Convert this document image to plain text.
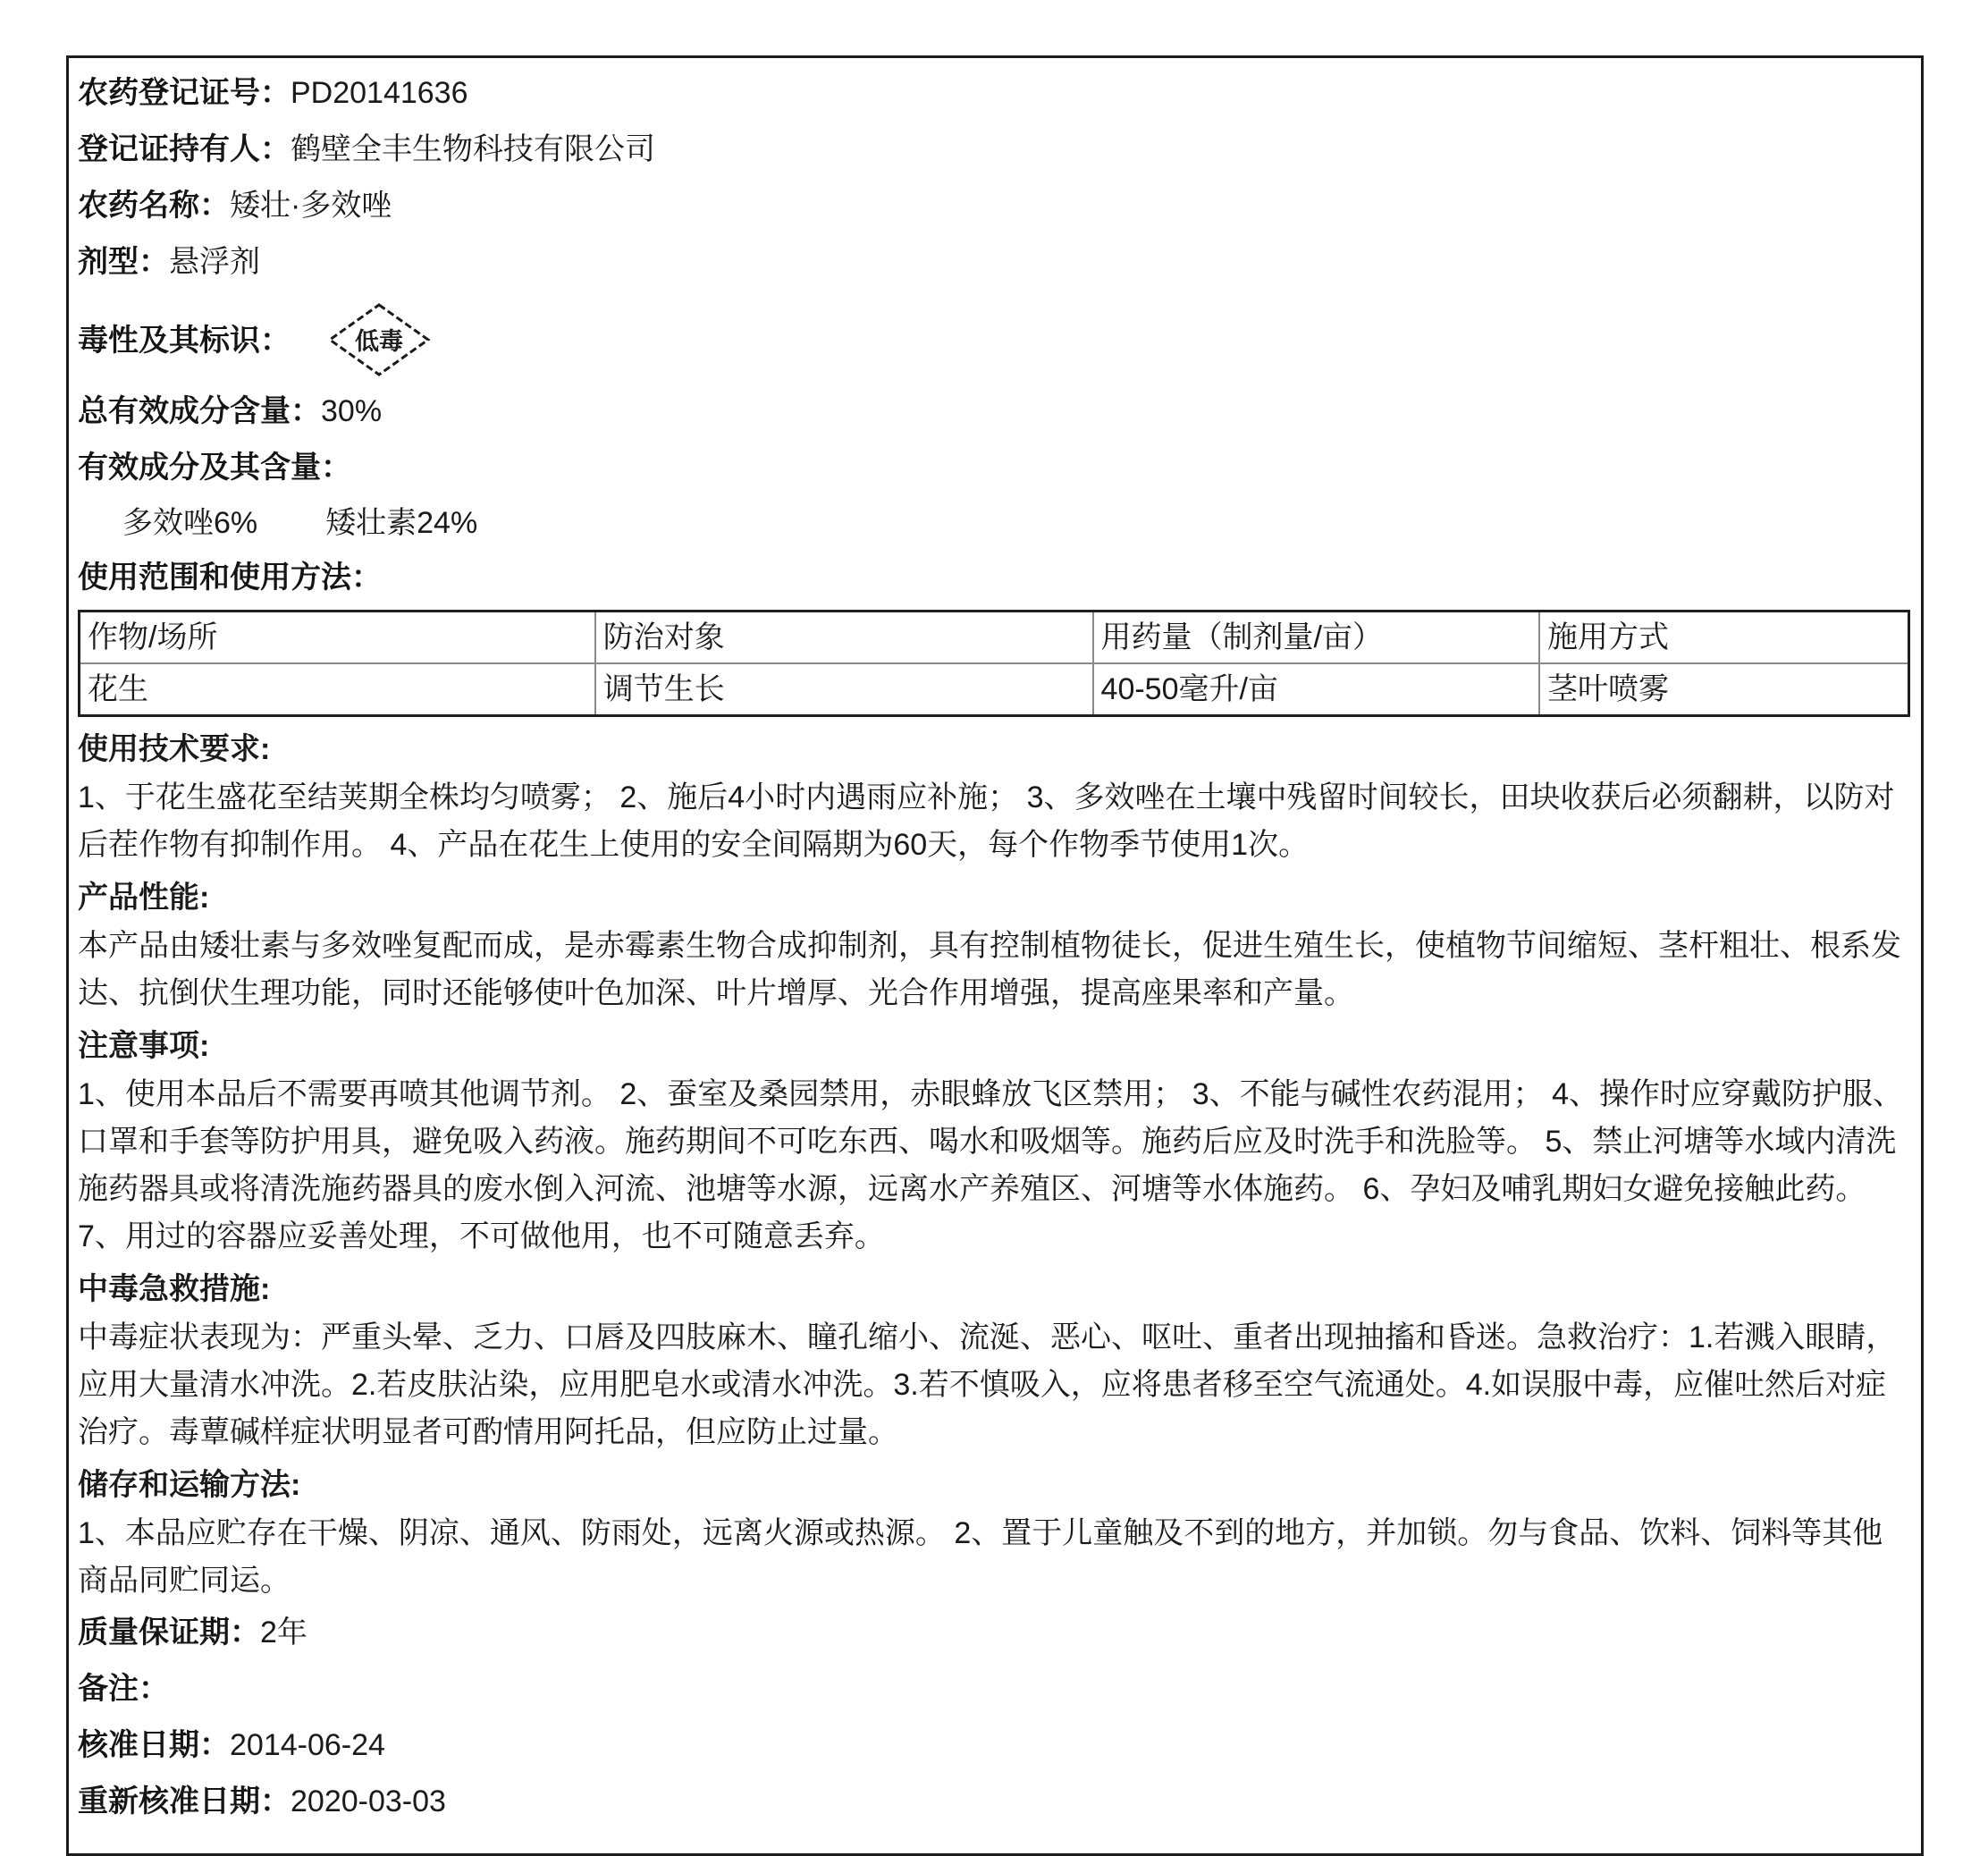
农药登记证号：PD20141636

登记证持有人：鹤壁全丰生物科技有限公司

农药名称：矮壮·多效唑

剂型：悬浮剂

毒性及其标识：	低毒

总有效成分含量：30%

有效成分及其含量：

多效唑6% 矮壮素24%

使用范围和使用方法：

作物/场所	防治对象	用药量（制剂量/亩）	施用方式
花生	调节生长	40-50毫升/亩	茎叶喷雾

使用技术要求:

1、于花生盛花至结荚期全株均匀喷雾； 2、施后4小时内遇雨应补施； 3、多效唑在土壤中残留时间较长，田块收获后必须翻耕，以防对后茬作物有抑制作用。 4、产品在花生上使用的安全间隔期为60天，每个作物季节使用1次。

产品性能:

本产品由矮壮素与多效唑复配而成，是赤霉素生物合成抑制剂，具有控制植物徒长，促进生殖生长，使植物节间缩短、茎杆粗壮、根系发达、抗倒伏生理功能，同时还能够使叶色加深、叶片增厚、光合作用增强，提高座果率和产量。

注意事项:

1、使用本品后不需要再喷其他调节剂。 2、蚕室及桑园禁用，赤眼蜂放飞区禁用； 3、不能与碱性农药混用； 4、操作时应穿戴防护服、口罩和手套等防护用具，避免吸入药液。施药期间不可吃东西、喝水和吸烟等。施药后应及时洗手和洗脸等。 5、禁止河塘等水域内清洗施药器具或将清洗施药器具的废水倒入河流、池塘等水源，远离水产养殖区、河塘等水体施药。 6、孕妇及哺乳期妇女避免接触此药。 7、用过的容器应妥善处理，不可做他用，也不可随意丢弃。

中毒急救措施:

中毒症状表现为：严重头晕、乏力、口唇及四肢麻木、瞳孔缩小、流涎、恶心、呕吐、重者出现抽搐和昏迷。急救治疗：1.若溅入眼睛，应用大量清水冲洗。2.若皮肤沾染，应用肥皂水或清水冲洗。3.若不慎吸入，应将患者移至空气流通处。4.如误服中毒，应催吐然后对症治疗。毒蕈碱样症状明显者可酌情用阿托品，但应防止过量。

储存和运输方法:

1、本品应贮存在干燥、阴凉、通风、防雨处，远离火源或热源。 2、置于儿童触及不到的地方，并加锁。勿与食品、饮料、饲料等其他商品同贮同运。

质量保证期：2年

备注：

核准日期：2014-06-24

重新核准日期：2020-03-03
